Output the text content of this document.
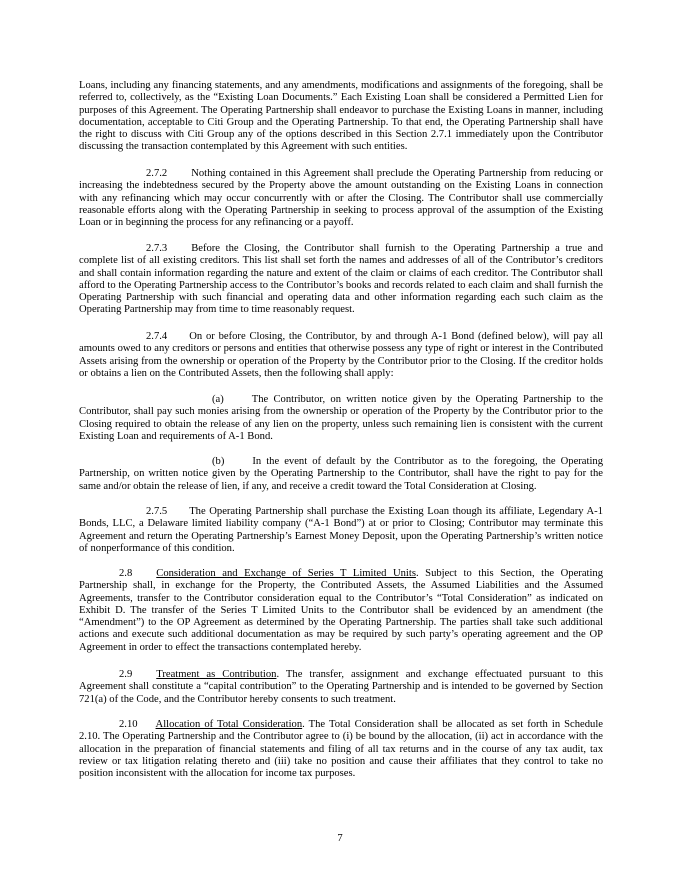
Loans, including any financing statements, and any amendments, modifications and assignments of the foregoing, shall be referred to, collectively, as the “Existing Loan Documents.” Each Existing Loan shall be considered a Permitted Lien for purposes of this Agreement. The Operating Partnership shall endeavor to purchase the Existing Loans in manner, including documentation, acceptable to Citi Group and the Operating Partnership. To that end, the Operating Partnership shall have the right to discuss with Citi Group any of the options described in this Section 2.7.1 immediately upon the Contributor discussing the transaction contemplated by this Agreement with such entities.

2.7.2 Nothing contained in this Agreement shall preclude the Operating Partnership from reducing or increasing the indebtedness secured by the Property above the amount outstanding on the Existing Loans in connection with any refinancing which may occur concurrently with or after the Closing. The Contributor shall use commercially reasonable efforts along with the Operating Partnership in seeking to process approval of the assumption of the Existing Loan or in beginning the process for any refinancing or a payoff.

2.7.3 Before the Closing, the Contributor shall furnish to the Operating Partnership a true and complete list of all existing creditors. This list shall set forth the names and addresses of all of the Contributor’s creditors and shall contain information regarding the nature and extent of the claim or claims of each creditor. The Contributor shall afford to the Operating Partnership access to the Contributor’s books and records related to each claim and shall furnish the Operating Partnership with such financial and operating data and other information regarding each such claim as the Operating Partnership may from time to time reasonably request.

2.7.4 On or before Closing, the Contributor, by and through A-1 Bond (defined below), will pay all amounts owed to any creditors or persons and entities that otherwise possess any type of right or interest in the Contributed Assets arising from the ownership or operation of the Property by the Contributor prior to the Closing. If the creditor holds or obtains a lien on the Contributed Assets, then the following shall apply:

(a)	The Contributor, on written notice given by the Operating Partnership to the Contributor, shall pay such monies arising from the ownership or operation of the Property by the Contributor prior to the Closing required to obtain the release of any lien on the property, unless such remaining lien is consistent with the current Existing Loan and requirements of A-1 Bond.

(b)	In the event of default by the Contributor as to the foregoing, the Operating Partnership, on written notice given by the Operating Partnership to the Contributor, shall have the right to pay for the same and/or obtain the release of lien, if any, and receive a credit toward the Total Consideration at Closing.

2.7.5 The Operating Partnership shall purchase the Existing Loan though its affiliate, Legendary A-1 Bonds, LLC, a Delaware limited liability company (“A-1 Bond”) at or prior to Closing; Contributor may terminate this Agreement and return the Operating Partnership’s Earnest Money Deposit, upon the Operating Partnership’s written notice of nonperformance of this condition.

2.8 Consideration and Exchange of Series T Limited Units. Subject to this Section, the Operating Partnership shall, in exchange for the Property, the Contributed Assets, the Assumed Liabilities and the Assumed Agreements, transfer to the Contributor consideration equal to the Contributor’s “Total Consideration” as indicated on Exhibit D. The transfer of the Series T Limited Units to the Contributor shall be evidenced by an amendment (the “Amendment”) to the OP Agreement as determined by the Operating Partnership. The parties shall take such additional actions and execute such additional documentation as may be required by such party’s operating agreement and the OP Agreement in order to effect the transactions contemplated hereby.

2.9 Treatment as Contribution. The transfer, assignment and exchange effectuated pursuant to this Agreement shall constitute a “capital contribution” to the Operating Partnership and is intended to be governed by Section 721(a) of the Code, and the Contributor hereby consents to such treatment.

2.10 Allocation of Total Consideration. The Total Consideration shall be allocated as set forth in Schedule 2.10. The Operating Partnership and the Contributor agree to (i) be bound by the allocation, (ii) act in accordance with the allocation in the preparation of financial statements and filing of all tax returns and in the course of any tax audit, tax review or tax litigation relating thereto and (iii) take no position and cause their affiliates that they control to take no position inconsistent with the allocation for income tax purposes.

7
